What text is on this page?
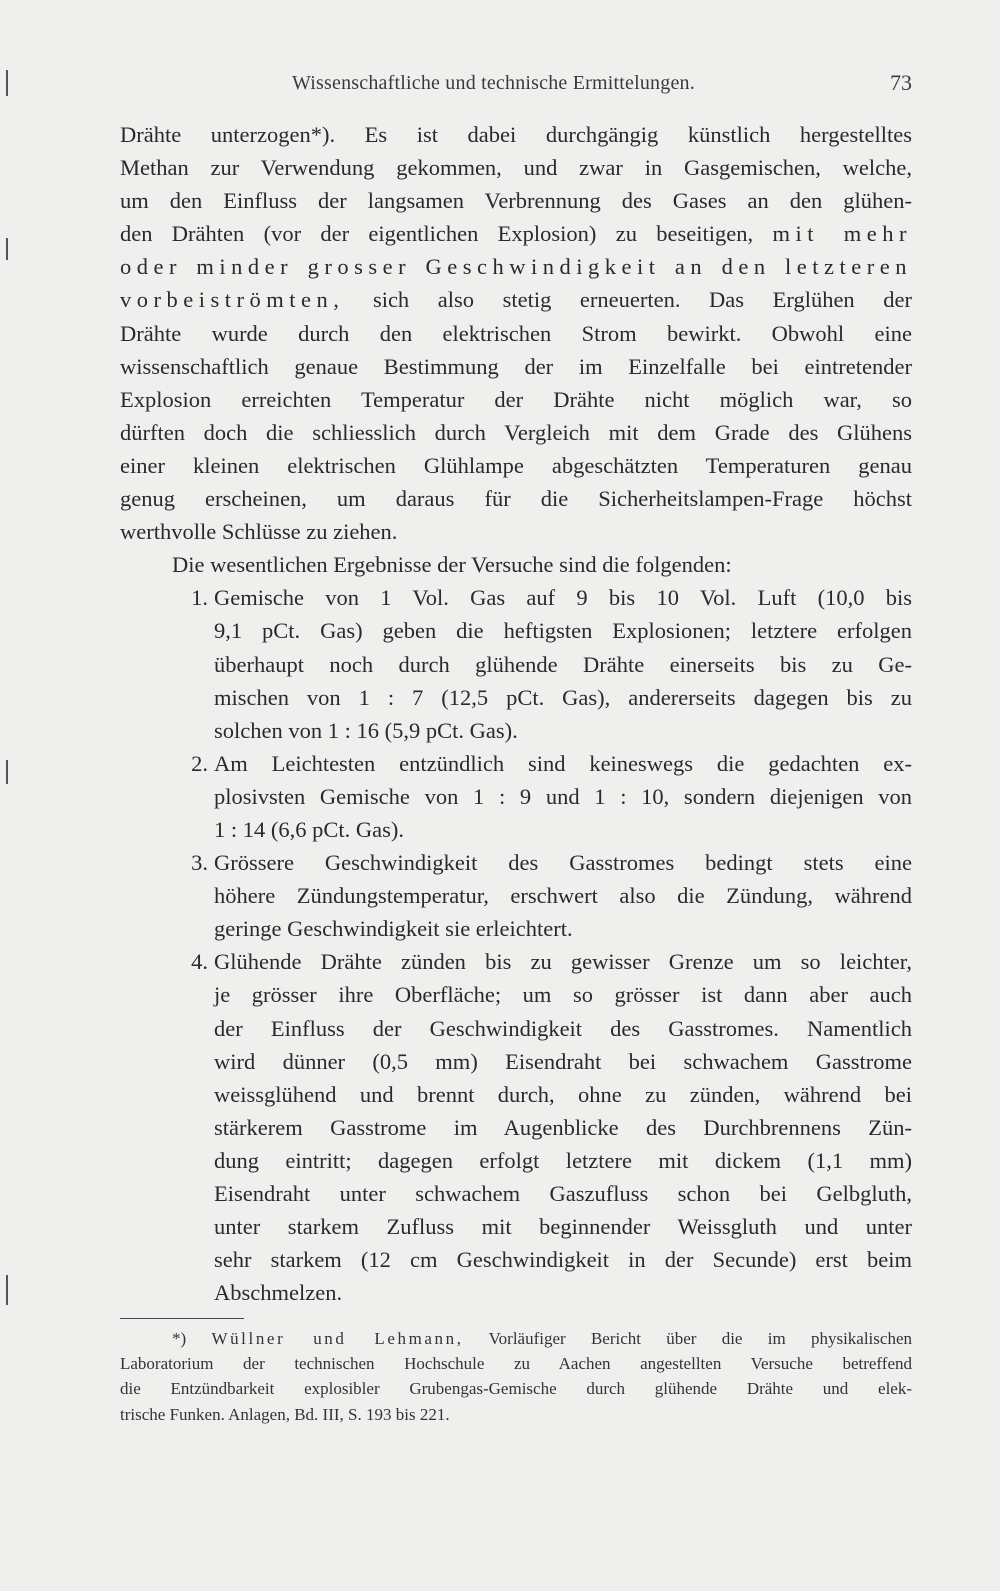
Wissenschaftliche und technische Ermittelungen.	73
Drähte unterzogen*). Es ist dabei durchgängig künstlich hergestelltes
Methan zur Verwendung gekommen, und zwar in Gasgemischen, welche,
um den Einfluss der langsamen Verbrennung des Gases an den glühen-
den Drähten (vor der eigentlichen Explosion) zu beseitigen, mit mehr
oder minder grosser Geschwindigkeit an den letzteren
vorbeiströmten, sich also stetig erneuerten. Das Erglühen der
Drähte wurde durch den elektrischen Strom bewirkt. Obwohl eine
wissenschaftlich genaue Bestimmung der im Einzelfalle bei eintretender
Explosion erreichten Temperatur der Drähte nicht möglich war, so
dürften doch die schliesslich durch Vergleich mit dem Grade des Glühens
einer kleinen elektrischen Glühlampe abgeschätzten Temperaturen genau
genug erscheinen, um daraus für die Sicherheitslampen-Frage höchst
werthvolle Schlüsse zu ziehen.
Die wesentlichen Ergebnisse der Versuche sind die folgenden:
1. Gemische von 1 Vol. Gas auf 9 bis 10 Vol. Luft (10,0 bis
9,1 pCt. Gas) geben die heftigsten Explosionen; letztere erfolgen
überhaupt noch durch glühende Drähte einerseits bis zu Ge-
mischen von 1 : 7 (12,5 pCt. Gas), andererseits dagegen bis zu
solchen von 1 : 16 (5,9 pCt. Gas).
2. Am Leichtesten entzündlich sind keineswegs die gedachten ex-
plosivsten Gemische von 1 : 9 und 1 : 10, sondern diejenigen von
1 : 14 (6,6 pCt. Gas).
3. Grössere Geschwindigkeit des Gasstromes bedingt stets eine
höhere Zündungstemperatur, erschwert also die Zündung, während
geringe Geschwindigkeit sie erleichtert.
4. Glühende Drähte zünden bis zu gewisser Grenze um so leichter,
je grösser ihre Oberfläche; um so grösser ist dann aber auch
der Einfluss der Geschwindigkeit des Gasstromes. Namentlich
wird dünner (0,5 mm) Eisendraht bei schwachem Gasstrome
weissglühend und brennt durch, ohne zu zünden, während bei
stärkerem Gasstrome im Augenblicke des Durchbrennens Zün-
dung eintritt; dagegen erfolgt letztere mit dickem (1,1 mm)
Eisendraht unter schwachem Gaszufluss schon bei Gelbgluth,
unter starkem Zufluss mit beginnender Weissgluth und unter
sehr starkem (12 cm Geschwindigkeit in der Secunde) erst beim
Abschmelzen.
*) Wüllner und Lehmann, Vorläufiger Bericht über die im physikalischen
Laboratorium der technischen Hochschule zu Aachen angestellten Versuche betreffend
die Entzündbarkeit explosibler Grubengas-Gemische durch glühende Drähte und elek-
trische Funken. Anlagen, Bd. III, S. 193 bis 221.
